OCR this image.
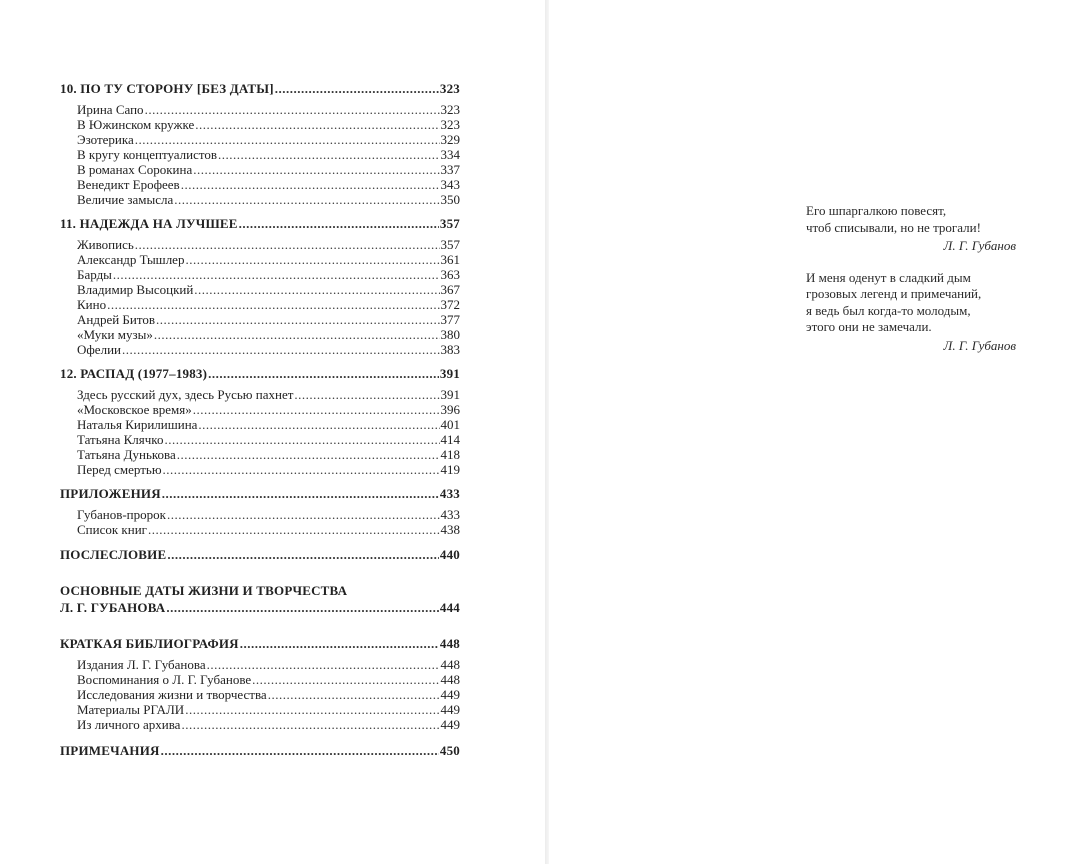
10. ПО ТУ СТОРОНУ [БЕЗ ДАТЫ] .....	323
Ирина Сапо .....	323
В Южинском кружке .....	323
Эзотерика .....	329
В кругу концептуалистов .....	334
В романах Сорокина .....	337
Венедикт Ерофеев .....	343
Величие замысла .....	350
11. НАДЕЖДА НА ЛУЧШЕЕ .....	357
Живопись .....	357
Александр Тышлер .....	361
Барды .....	363
Владимир Высоцкий .....	367
Кино .....	372
Андрей Битов .....	377
«Муки музы» .....	380
Офелии .....	383
12. РАСПАД (1977–1983) .....	391
Здесь русский дух, здесь Русью пахнет .....	391
«Московское время» .....	396
Наталья Кирилишина .....	401
Татьяна Клячко .....	414
Татьяна Дунькова .....	418
Перед смертью .....	419
ПРИЛОЖЕНИЯ .....	433
Губанов-пророк .....	433
Список книг .....	438
ПОСЛЕСЛОВИЕ .....	440
ОСНОВНЫЕ ДАТЫ ЖИЗНИ И ТВОРЧЕСТВА
Л. Г. ГУБАНОВА .....	444
КРАТКАЯ БИБЛИОГРАФИЯ .....	448
Издания Л. Г. Губанова .....	448
Воспоминания о Л. Г. Губанове .....	448
Исследования жизни и творчества .....	449
Материалы РГАЛИ .....	449
Из личного архива .....	449
ПРИМЕЧАНИЯ .....	450
Его шпаргалкою повесят,
чтоб списывали, но не трогали!
Л. Г. Губанов
И меня оденут в сладкий дым
грозовых легенд и примечаний,
я ведь был когда-то молодым,
этого они не замечали.
Л. Г. Губанов
